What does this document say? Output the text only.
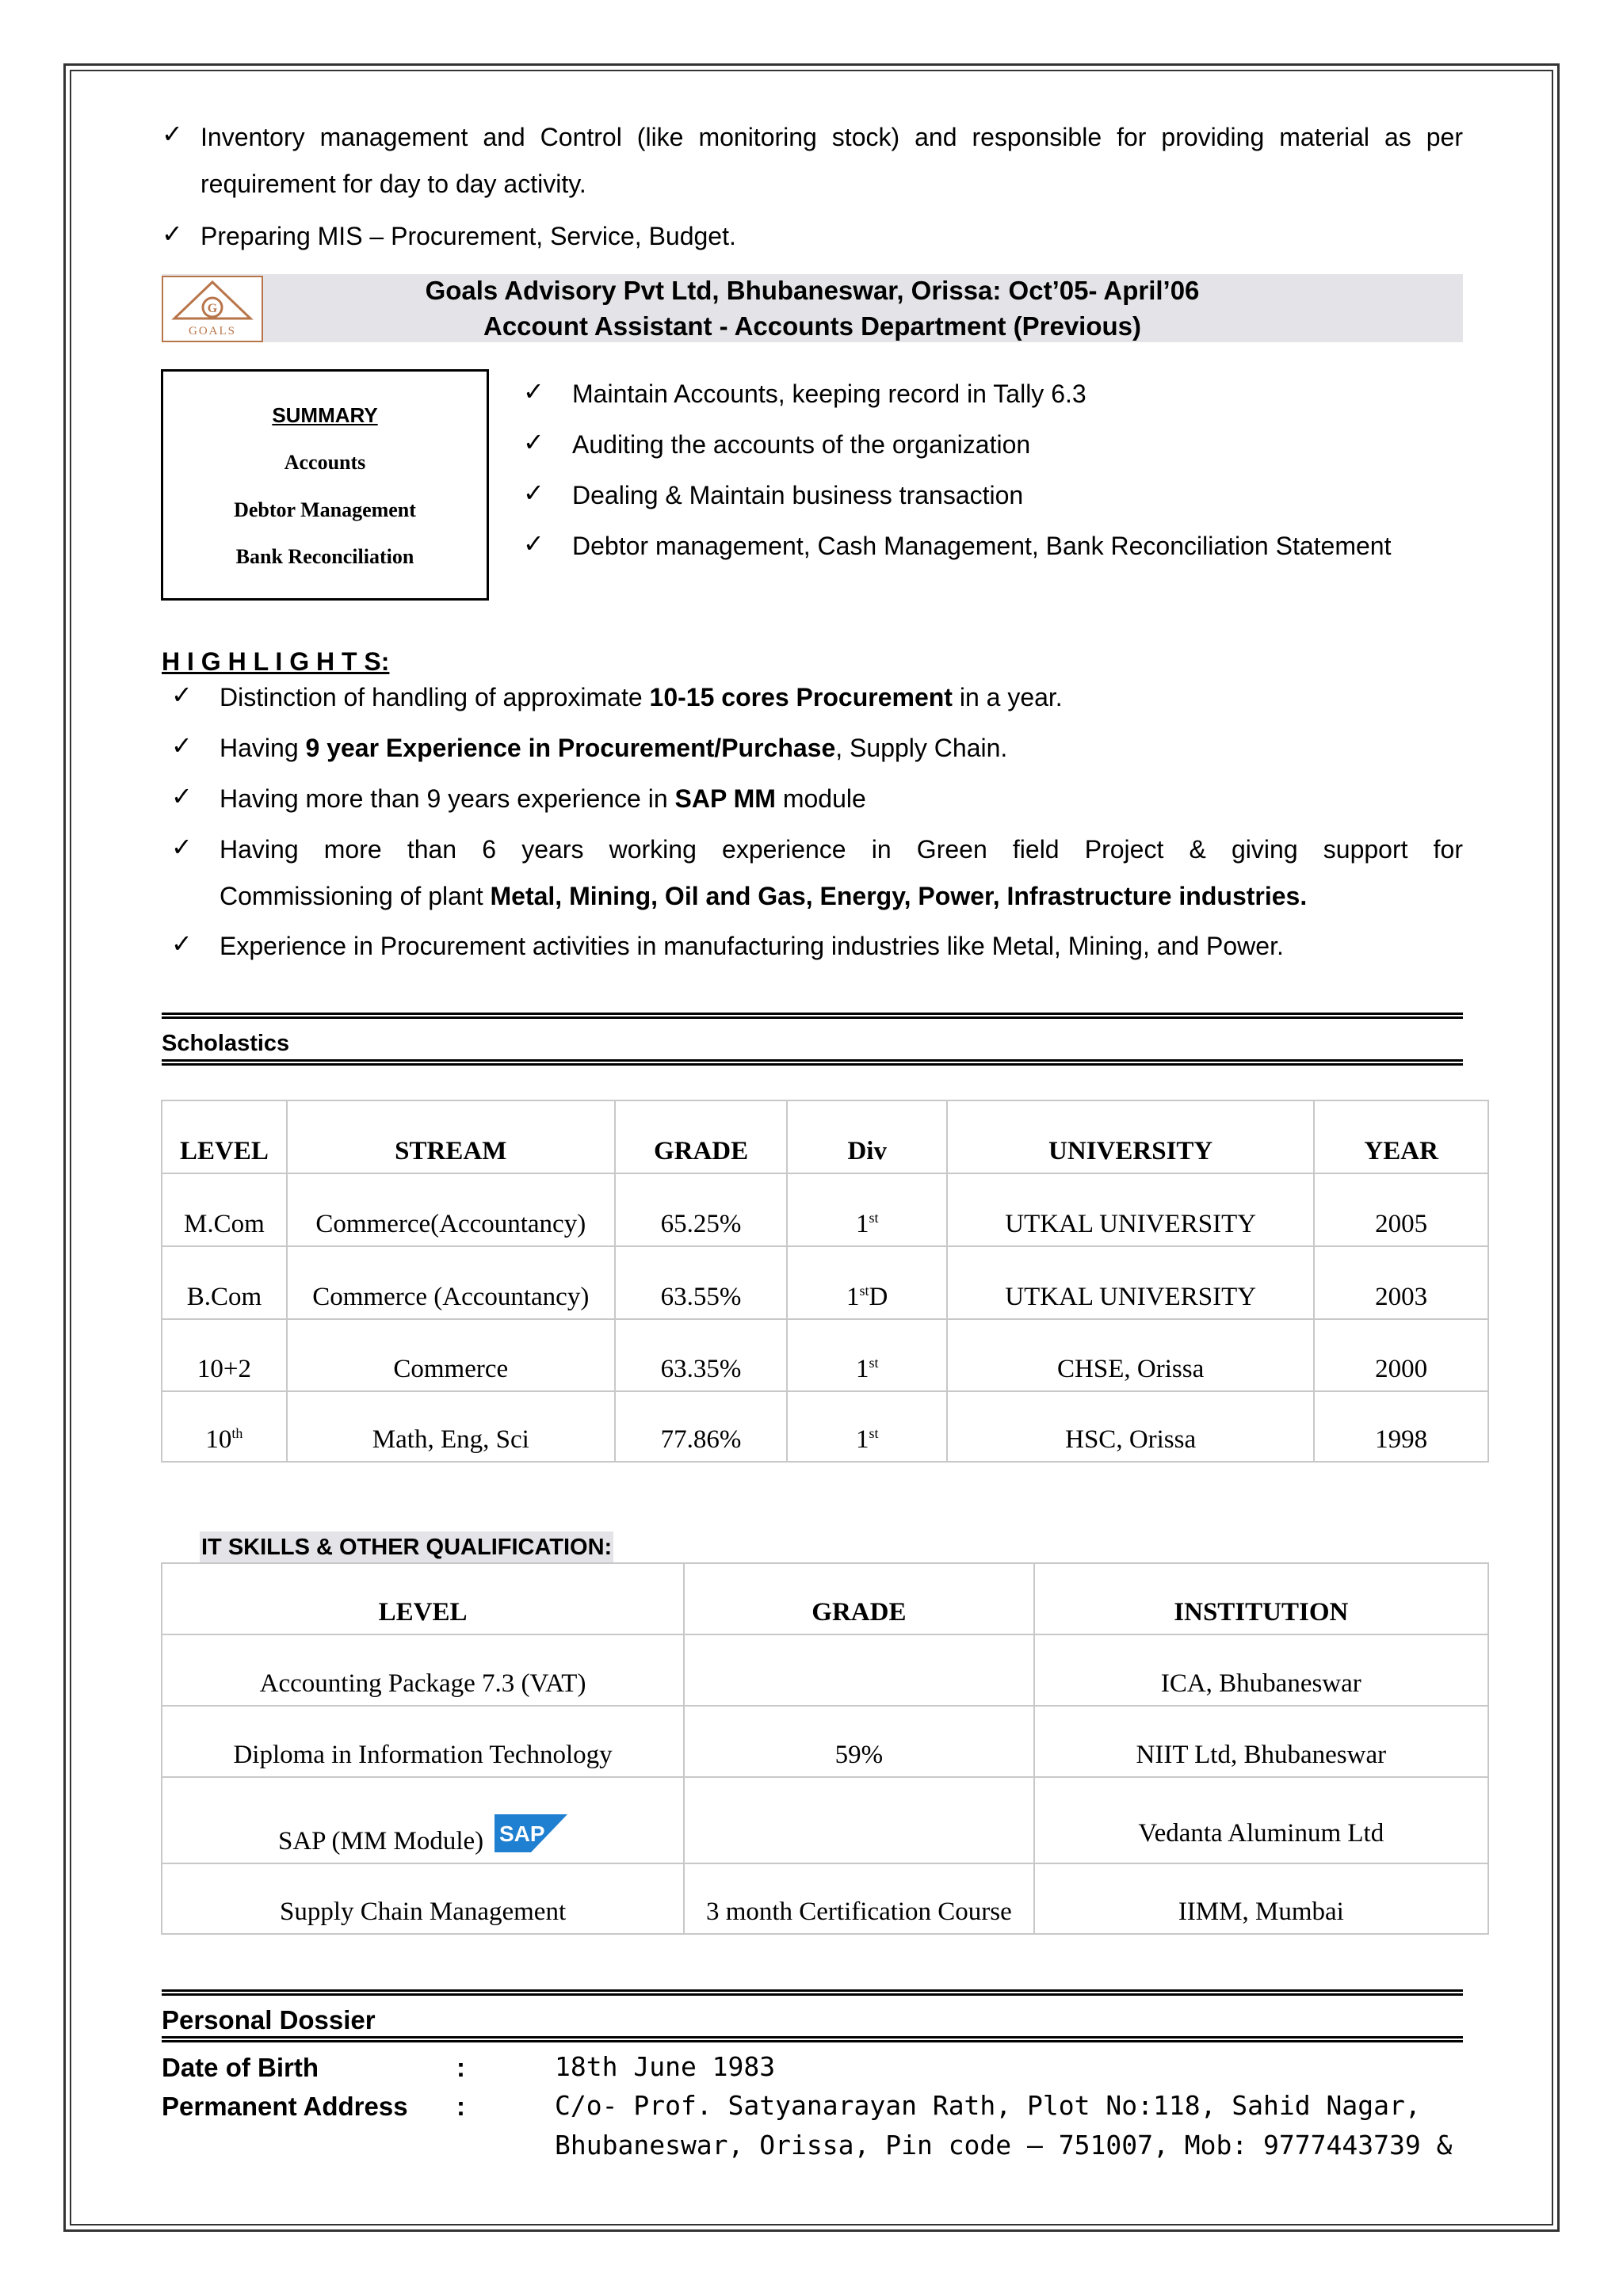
✓ Inventory management and Control (like monitoring stock) and responsible for providing material as per
requirement for day to day activity.
✓ Preparing MIS – Procurement, Service, Budget.
G
GOALS
Goals Advisory Pvt Ltd, Bhubaneswar, Orissa: Oct’05- April’06
Account Assistant - Accounts Department (Previous)
SUMMARY
Accounts
Debtor Management
Bank Reconciliation
✓ Maintain Accounts, keeping record in Tally 6.3
✓ Auditing the accounts of the organization
✓ Dealing & Maintain business transaction
✓ Debtor management, Cash Management, Bank Reconciliation Statement
H I G H L I G H T S:
✓ Distinction of handling of approximate 10-15 cores Procurement in a year.
✓ Having 9 year Experience in Procurement/Purchase, Supply Chain.
✓ Having more than 9 years experience in SAP MM module
✓ Having more than 6 years working experience in Green field Project & giving support for
Commissioning of plant Metal, Mining, Oil and Gas, Energy, Power, Infrastructure industries.
✓ Experience in Procurement activities in manufacturing industries like Metal, Mining, and Power.
Scholastics
LEVEL	STREAM	GRADE	Div	UNIVERSITY	YEAR
M.Com	Commerce(Accountancy)	65.25%	1st	UTKAL UNIVERSITY	2005
B.Com	Commerce (Accountancy)	63.55%	1stD	UTKAL UNIVERSITY	2003
10+2	Commerce	63.35%	1st	CHSE, Orissa	2000
10th	Math, Eng, Sci	77.86%	1st	HSC, Orissa	1998
IT SKILLS & OTHER QUALIFICATION:
LEVEL	GRADE	INSTITUTION
Accounting Package 7.3 (VAT)		ICA, Bhubaneswar
Diploma in Information Technology	59%	NIIT Ltd, Bhubaneswar
SAP (MM Module) SAP		Vedanta Aluminum Ltd
Supply Chain Management	3 month Certification Course	IIMM, Mumbai
Personal Dossier
Date of Birth	:	18th June 1983
Permanent Address :	C/o- Prof. Satyanarayan Rath, Plot No:118, Sahid Nagar,
Bhubaneswar, Orissa, Pin code – 751007, Mob: 9777443739 &
